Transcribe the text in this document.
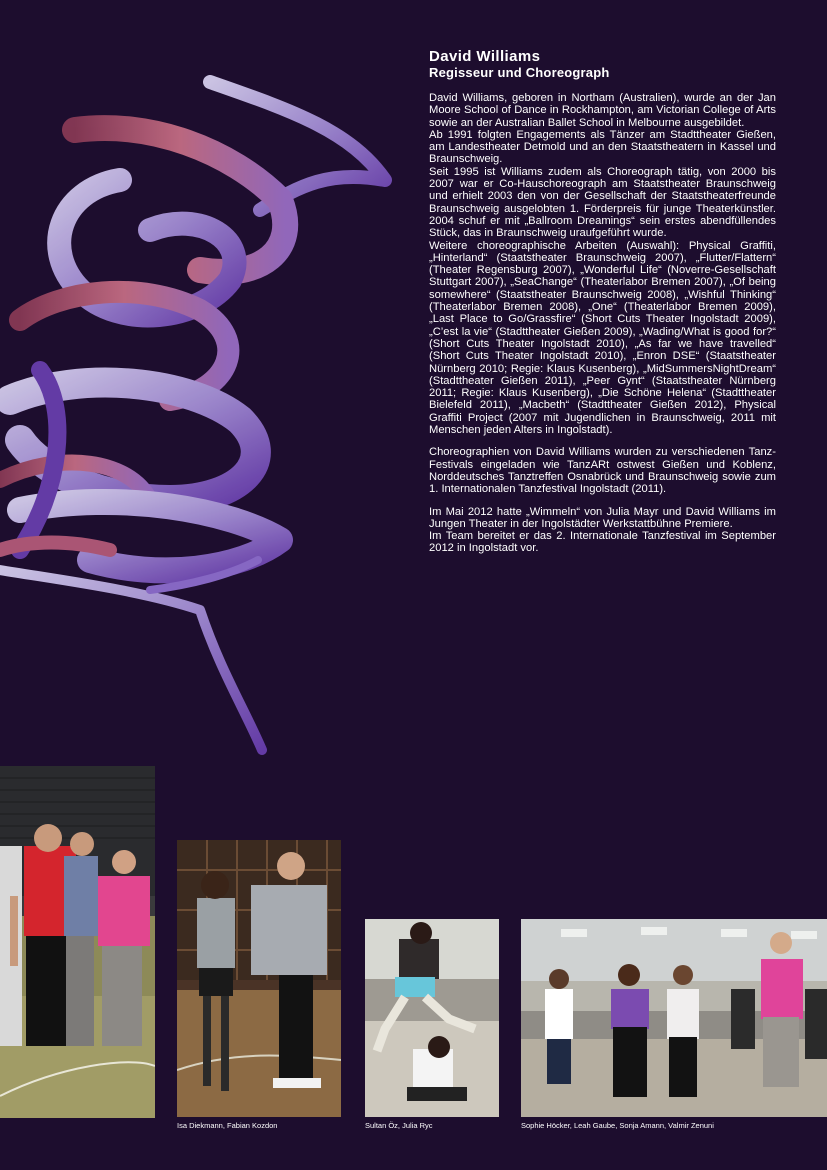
David Williams
Regisseur und Choreograph

David Williams, geboren in Northam (Australien), wurde an der Jan Moore School of Dance in Rockhampton, am Victorian College of Arts sowie an der Australian Ballet School in Melbourne ausgebildet.

Ab 1991 folgten Engagements als Tänzer am Stadttheater Gießen, am Landestheater Detmold und an den Staatstheatern in Kassel und Braunschweig.

Seit 1995 ist Williams zudem als Choreograph tätig, von 2000 bis 2007 war er Co-Hauschoreograph am Staatstheater Braunschweig und erhielt 2003 den von der Gesellschaft der Staatstheaterfreunde Braunschweig ausgelobten 1. Förderpreis für junge Theaterkünstler. 2004 schuf er mit „Ballroom Dreamings“ sein erstes abendfüllendes Stück, das in Braunschweig uraufgeführt wurde.

Weitere choreographische Arbeiten (Auswahl): Physical Graffiti, „Hinterland“ (Staatstheater Braunschweig 2007), „Flutter/Flattern“ (Theater Regensburg 2007), „Wonderful Life“ (Noverre-Gesellschaft Stuttgart 2007), „SeaChange“ (Theaterlabor Bremen 2007), „Of being somewhere“ (Staatstheater Braunschweig 2008), „Wishful Thinking“ (Theaterlabor Bremen 2008), „One“ (Theaterlabor Bremen 2009), „Last Place to Go/Grassfire“ (Short Cuts Theater Ingolstadt 2009), „C’est la vie“ (Stadttheater Gießen 2009), „Wading/What is good for?“ (Short Cuts Theater Ingolstadt 2010), „As far we have travelled“ (Short Cuts Theater Ingolstadt 2010), „Enron DSE“ (Staatstheater Nürnberg 2010; Regie: Klaus Kusenberg), „MidSummersNightDream“ (Stadttheater Gießen 2011), „Peer Gynt“ (Staatstheater Nürnberg 2011; Regie: Klaus Kusenberg), „Die Schöne Helena“ (Stadttheater Bielefeld 2011), „Macbeth“ (Stadttheater Gießen 2012), Physical Graffiti Project (2007 mit Jugendlichen in Braunschweig, 2011 mit Menschen jeden Alters in Ingolstadt).

Choreographien von David Williams wurden zu verschiedenen Tanz-Festivals eingeladen wie TanzARt ostwest Gießen und Koblenz, Norddeutsches Tanztreffen Osnabrück und Braunschweig sowie zum 1. Internationalen Tanzfestival Ingolstadt (2011).

Im Mai 2012 hatte „Wimmeln“ von Julia Mayr und David Williams im Jungen Theater in der Ingolstädter Werkstattbühne Premiere.

Im Team bereitet er das 2. Internationale Tanzfestival im September 2012 in Ingolstadt vor.

Isa Diekmann, Fabian Kozdon	Sultan Öz, Julia Ryc	Sophie Höcker, Leah Gaube, Sonja Amann, Valmir Zenuni
